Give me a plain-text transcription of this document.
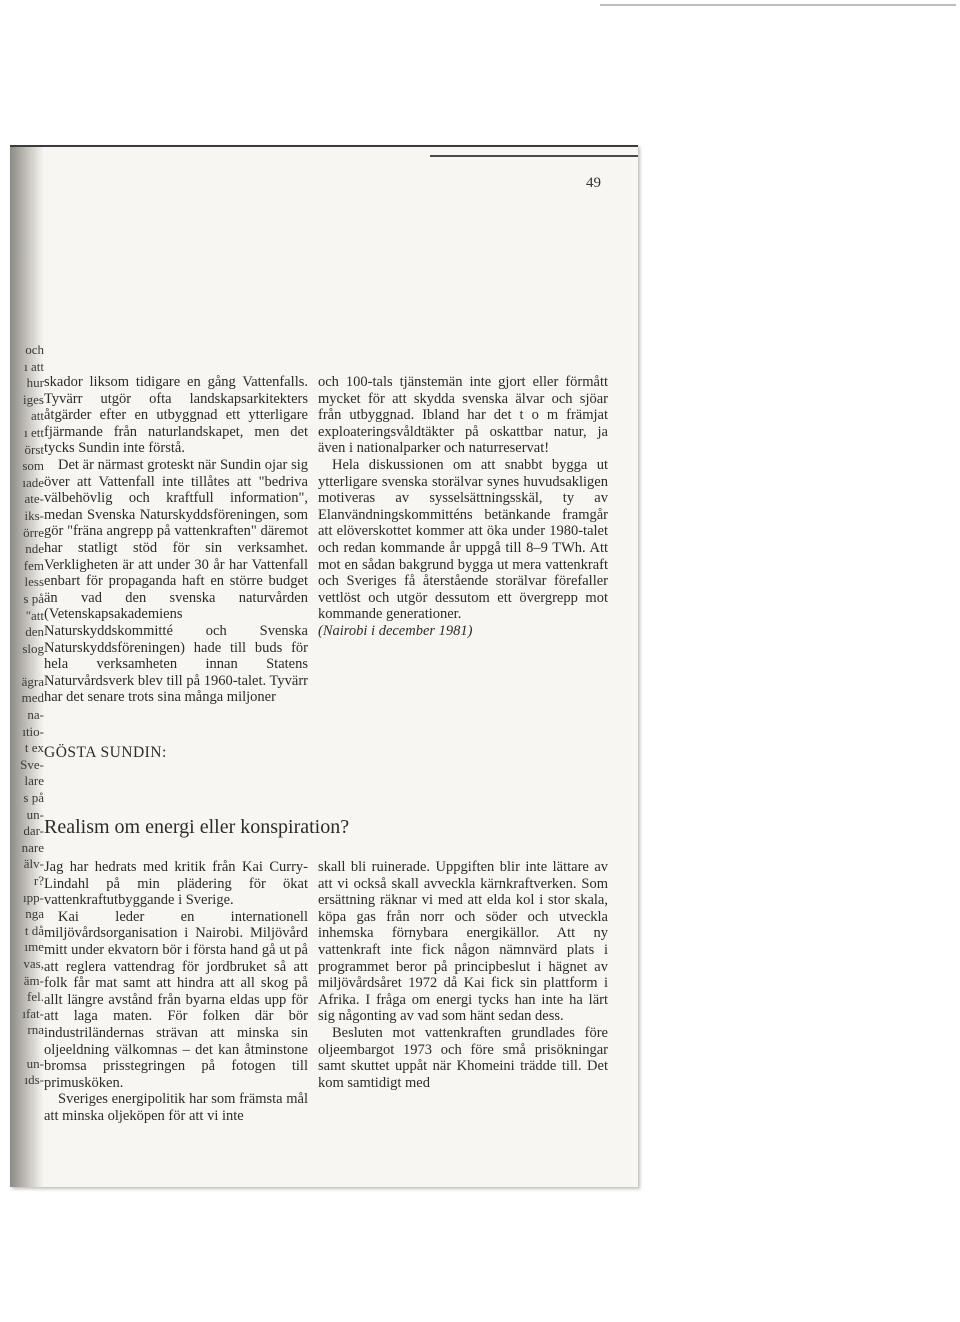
49
och
ı att
hur
iges
att
ı ett
örst
som
ıade
ate-
iks-
örre
nde
fem
less
s på
"att
den
slog

ägra
med
na-
ıtio-
t ex
Sve-
lare
s på
un-
dar-
nare
älv-
r?
ıpp-
nga
t då
ıme
vas,
äm-
fel.
ıfat-
rna

un-
ıds-

skador liksom tidigare en gång Vattenfalls. Tyvärr utgör ofta landskapsarkitekters åtgärder efter en utbyggnad ett ytterligare fjärmande från naturlandskapet, men det tycks Sundin inte förstå.

Det är närmast groteskt när Sundin ojar sig över att Vattenfall inte tillåtes att "bedriva välbehövlig och kraftfull information", medan Svenska Naturskyddsföreningen, som gör "fräna angrepp på vattenkraften" däremot har statligt stöd för sin verksamhet. Verkligheten är att under 30 år har Vattenfall enbart för propaganda haft en större budget än vad den svenska naturvården (Vetenskapsakademiens Naturskyddskommitté och Svenska Naturskyddsföreningen) hade till buds för hela verksamheten innan Statens Naturvårdsverk blev till på 1960-talet. Tyvärr har det senare trots sina många miljoner

och 100-tals tjänstemän inte gjort eller förmått mycket för att skydda svenska älvar och sjöar från utbyggnad. Ibland har det t o m främjat exploateringsvåldtäkter på oskattbar natur, ja även i nationalparker och naturreservat!

Hela diskussionen om att snabbt bygga ut ytterligare svenska storälvar synes huvudsakligen motiveras av sysselsättningsskäl, ty av Elanvändningskommitténs betänkande framgår att elöverskottet kommer att öka under 1980-talet och redan kommande år uppgå till 8–9 TWh. Att mot en sådan bakgrund bygga ut mera vattenkraft och Sveriges få återstående storälvar förefaller vettlöst och utgör dessutom ett övergrepp mot kommande generationer.

(Nairobi i december 1981)

GÖSTA SUNDIN:
Realism om energi eller konspiration?

Jag har hedrats med kritik från Kai Curry-Lindahl på min plädering för ökat vattenkraftutbyggande i Sverige.

Kai leder en internationell miljövårdsorganisation i Nairobi. Miljövård mitt under ekvatorn bör i första hand gå ut på att reglera vattendrag för jordbruket så att folk får mat samt att hindra att all skog på allt längre avstånd från byarna eldas upp för att laga maten. För folken där bör industriländernas strävan att minska sin oljeeldning välkomnas – det kan åtminstone bromsa prisstegringen på fotogen till primusköken.

Sveriges energipolitik har som främsta mål att minska oljeköpen för att vi inte

skall bli ruinerade. Uppgiften blir inte lättare av att vi också skall avveckla kärnkraftverken. Som ersättning räknar vi med att elda kol i stor skala, köpa gas från norr och söder och utveckla inhemska förnybara energikällor. Att ny vattenkraft inte fick någon nämnvärd plats i programmet beror på principbeslut i hägnet av miljövårdsåret 1972 då Kai fick sin plattform i Afrika. I fråga om energi tycks han inte ha lärt sig någonting av vad som hänt sedan dess.

Besluten mot vattenkraften grundlades före oljeembargot 1973 och före små prisökningar samt skuttet uppåt när Khomeini trädde till. Det kom samtidigt med
